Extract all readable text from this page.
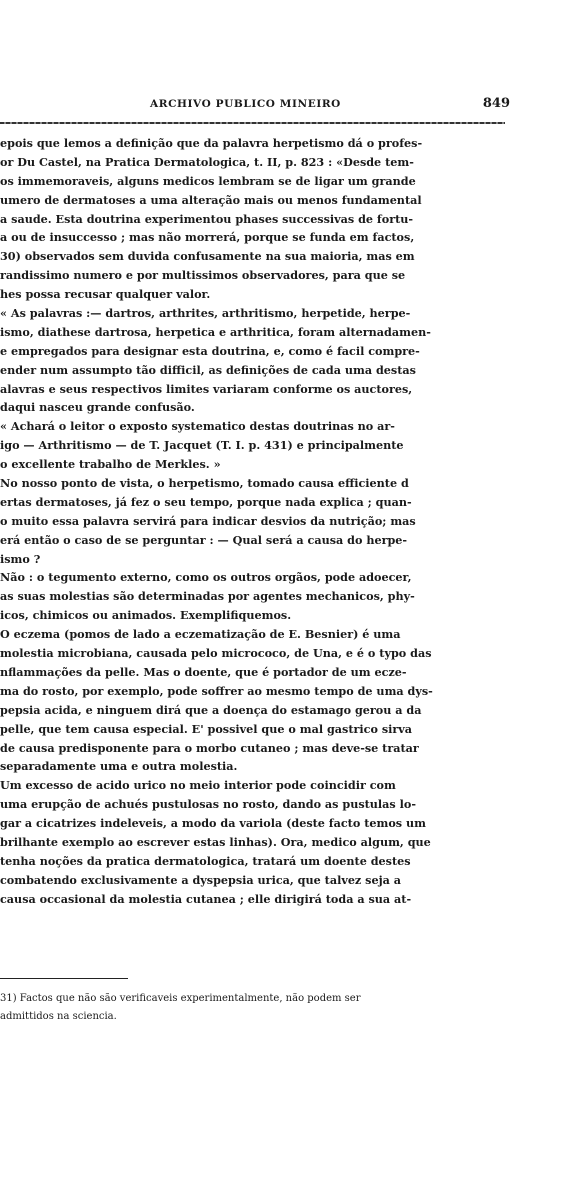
ARCHIVO PUBLICO MINEIRO	849
epois que lemos a definição que da palavra herpetismo dá o profes-
or Du Castel, na Pratica Dermatologica, t. II, p. 823 : «Desde tem-
os immemoraveis, alguns medicos lembram se de ligar um grande
umero de dermatoses a uma alteração mais ou menos fundamental
a saude. Esta doutrina experimentou phases successivas de fortu-
a ou de insuccesso ; mas não morrerá, porque se funda em factos,
30) observados sem duvida confusamente na sua maioria, mas em
randissimo numero e por multissimos observadores, para que se
hes possa recusar qualquer valor.
« As palavras :— dartros, arthrites, arthritismo, herpetide, herpe-
ismo, diathese dartrosa, herpetica e arthritica, foram alternadamen-
e empregados para designar esta doutrina, e, como é facil compre-
ender num assumpto tão difficil, as definições de cada uma destas
alavras e seus respectivos limites variaram conforme os auctores,
daqui nasceu grande confusão.
« Achará o leitor o exposto systematico destas doutrinas no ar-
igo — Arthritismo — de T. Jacquet (T. I. p. 431) e principalmente
o excellente trabalho de Merkles. »
No nosso ponto de vista, o herpetismo, tomado causa efficiente d
ertas dermatoses, já fez o seu tempo, porque nada explica ; quan-
o muito essa palavra servirá para indicar desvios da nutrição; mas
erá então o caso de se perguntar : — Qual será a causa do herpe-
ismo ?
Não : o tegumento externo, como os outros orgãos, pode adoecer,
as suas molestias são determinadas por agentes mechanicos, phy-
icos, chimicos ou animados. Exemplifiquemos.
O eczema (pomos de lado a eczematização de E. Besnier) é uma
molestia microbiana, causada pelo micrococo, de Una, e é o typo das
nflammações da pelle. Mas o doente, que é portador de um ecze-
ma do rosto, por exemplo, pode soffrer ao mesmo tempo de uma dys-
pepsia acida, e ninguem dirá que a doença do estamago gerou a da
pelle, que tem causa especial. E' possivel que o mal gastrico sirva
de causa predisponente para o morbo cutaneo ; mas deve-se tratar
separadamente uma e outra molestia.
Um excesso de acido urico no meio interior pode coincidir com
uma erupção de achués pustulosas no rosto, dando as pustulas lo-
gar a cicatrizes indeleveis, a modo da variola (deste facto temos um
brilhante exemplo ao escrever estas linhas). Ora, medico algum, que
tenha noções da pratica dermatologica, tratará um doente destes
combatendo exclusivamente a dyspepsia urica, que talvez seja a
causa occasional da molestia cutanea ; elle dirigirá toda a sua at-
31) Factos que não são verificaveis experimentalmente, não podem ser
admittidos na sciencia.
